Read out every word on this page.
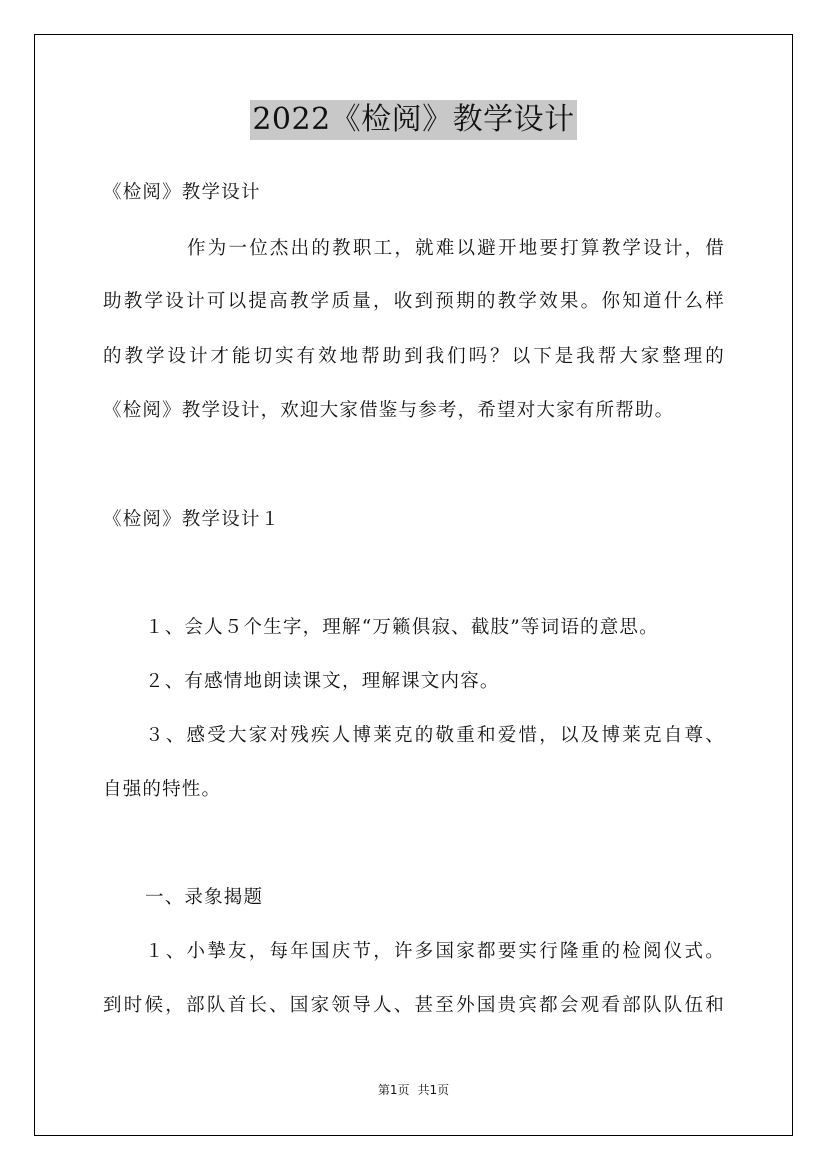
2022《检阅》教学设计
《检阅》教学设计
作为一位杰出的教职工，就难以避开地要打算教学设计，借
助教学设计可以提高教学质量，收到预期的教学效果。你知道什么样
的教学设计才能切实有效地帮助到我们吗？以下是我帮大家整理的
《检阅》教学设计，欢迎大家借鉴与参考，希望对大家有所帮助。
《检阅》教学设计１
１、会人５个生字，理解“万籁俱寂、截肢”等词语的意思。
２、有感情地朗读课文，理解课文内容。
３、感受大家对残疾人博莱克的敬重和爱惜，以及博莱克自尊、
自强的特性。
一、录象揭题
１、小摯友，每年国庆节，许多国家都要实行隆重的检阅仪式。
到时候，部队首长、国家领导人、甚至外国贵宾都会观看部队队伍和
第1页 共1页
